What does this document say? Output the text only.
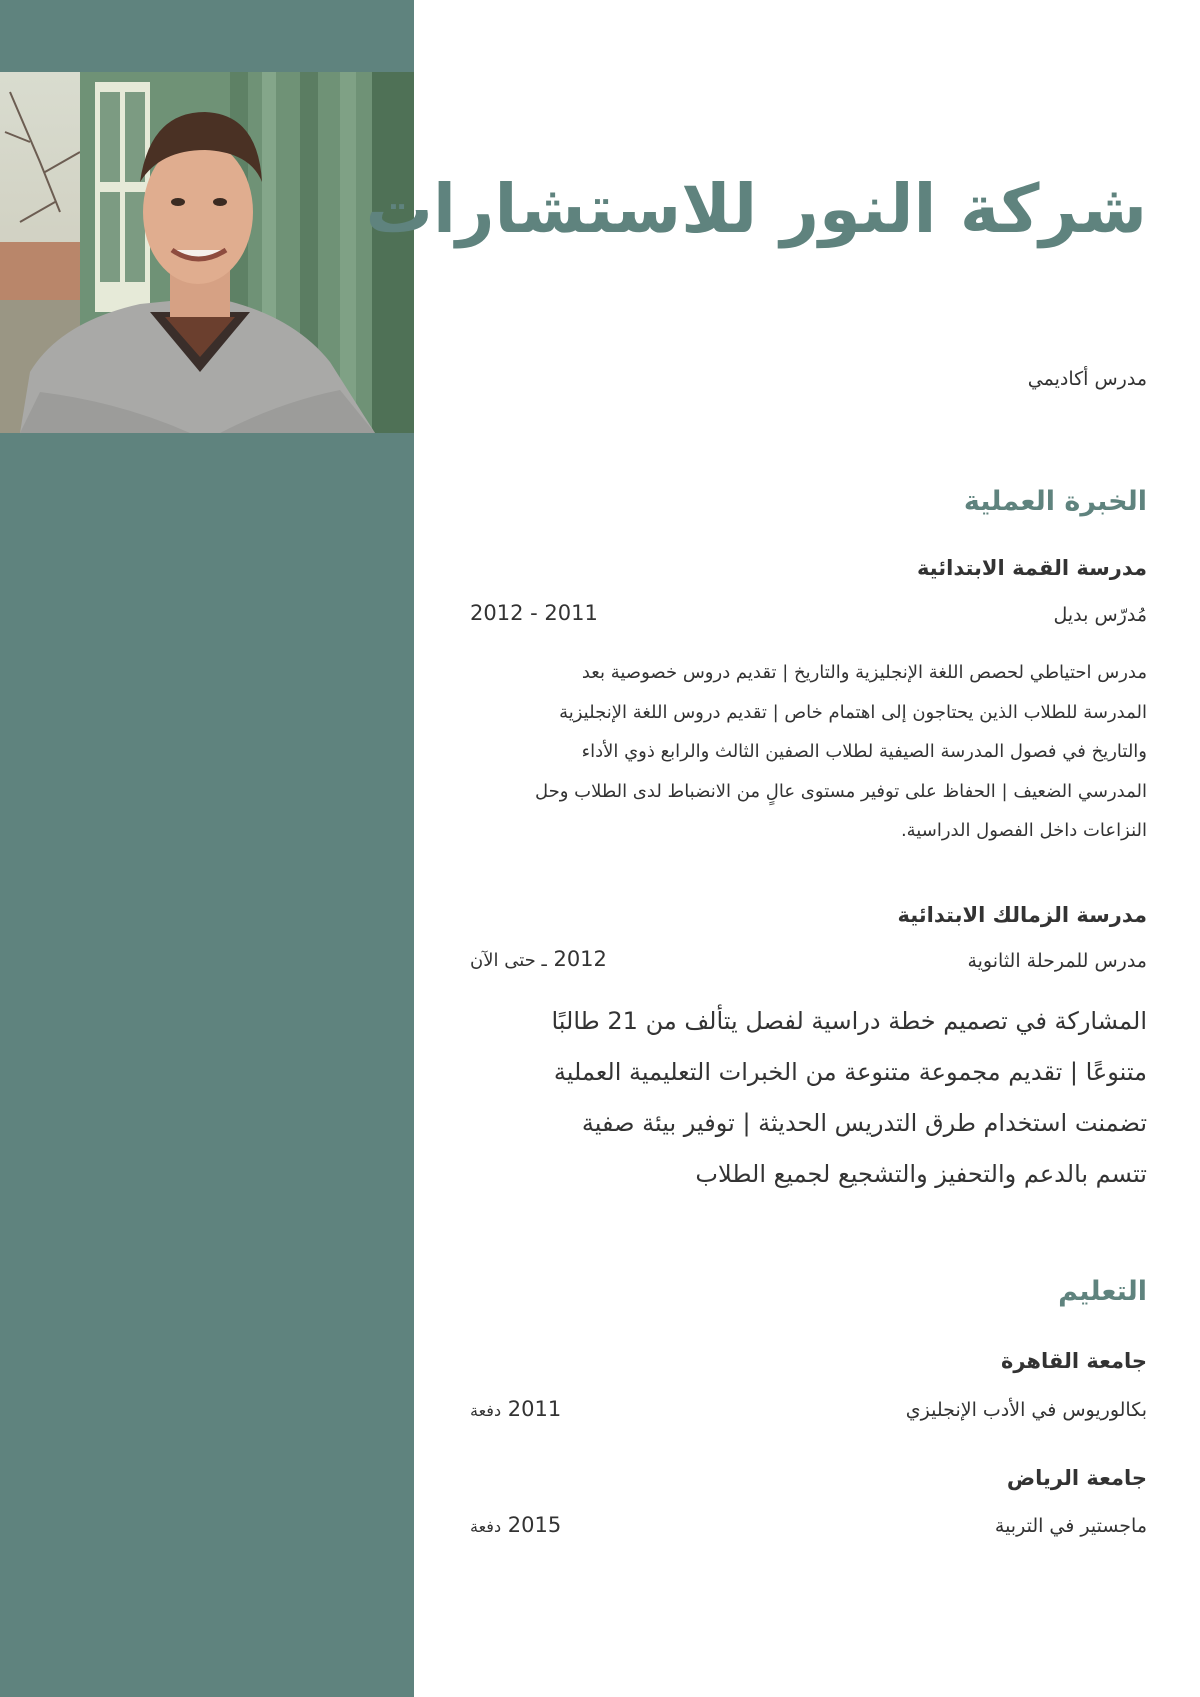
شركة النور للاستشارات
مدرس أكاديمي
الخبرة العملية
مدرسة القمة الابتدائية
مُدرّس بديل
2012 - 2011
مدرس احتياطي لحصص اللغة الإنجليزية والتاريخ | تقديم دروس خصوصية بعد
المدرسة للطلاب الذين يحتاجون إلى اهتمام خاص | تقديم دروس اللغة الإنجليزية
والتاريخ في فصول المدرسة الصيفية لطلاب الصفين الثالث والرابع ذوي الأداء
المدرسي الضعيف | الحفاظ على توفير مستوى عالٍ من الانضباط لدى الطلاب وحل
النزاعات داخل الفصول الدراسية.
مدرسة الزمالك الابتدائية
مدرس للمرحلة الثانوية
2012 ـ حتى الآن
المشاركة في تصميم خطة دراسية لفصل يتألف من 21 طالبًا
متنوعًا | تقديم مجموعة متنوعة من الخبرات التعليمية العملية
تضمنت استخدام طرق التدريس الحديثة | توفير بيئة صفية
تتسم بالدعم والتحفيز والتشجيع لجميع الطلاب
التعليم
جامعة القاهرة
بكالوريوس في الأدب الإنجليزي
2011 دفعة
جامعة الرياض
ماجستير في التربية
2015 دفعة
